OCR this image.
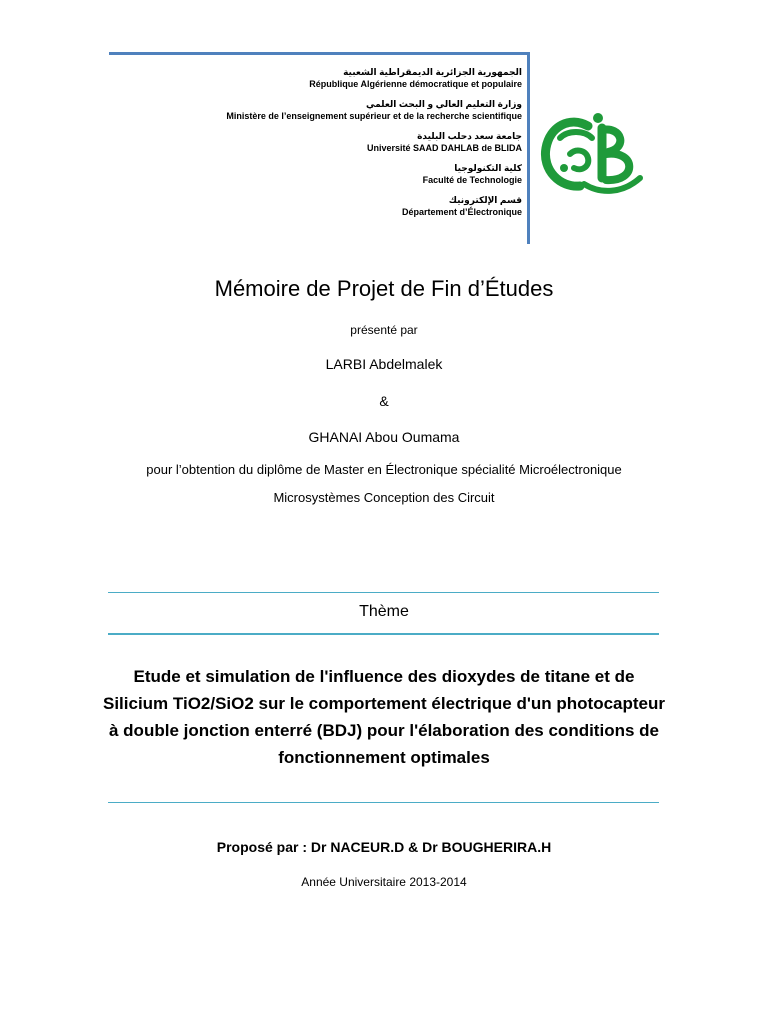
الجمهورية الجزائرية الديمقراطية الشعبية
République Algérienne démocratique et populaire
وزارة التعليم العالي و البحث العلمي
Ministère de l’enseignement supérieur et de la recherche scientifique
جامعة سعد دحلب البليدة
Université SAAD DAHLAB de BLIDA
كلية التكنولوجيا
Faculté de Technologie
قسم الإلكترونيك
Département d’Électronique
Mémoire de Projet de Fin d’Études
présenté par
LARBI Abdelmalek
&
GHANAI Abou Oumama
pour l’obtention du diplôme de Master en Électronique spécialité Microélectronique
Microsystèmes Conception des Circuit
Thème
Etude et simulation de l'influence des dioxydes de titane et de Silicium TiO2/SiO2 sur le comportement électrique d'un photocapteur à double jonction enterré (BDJ) pour l'élaboration des conditions de fonctionnement optimales
Proposé par : Dr NACEUR.D & Dr BOUGHERIRA.H
Année Universitaire 2013-2014
